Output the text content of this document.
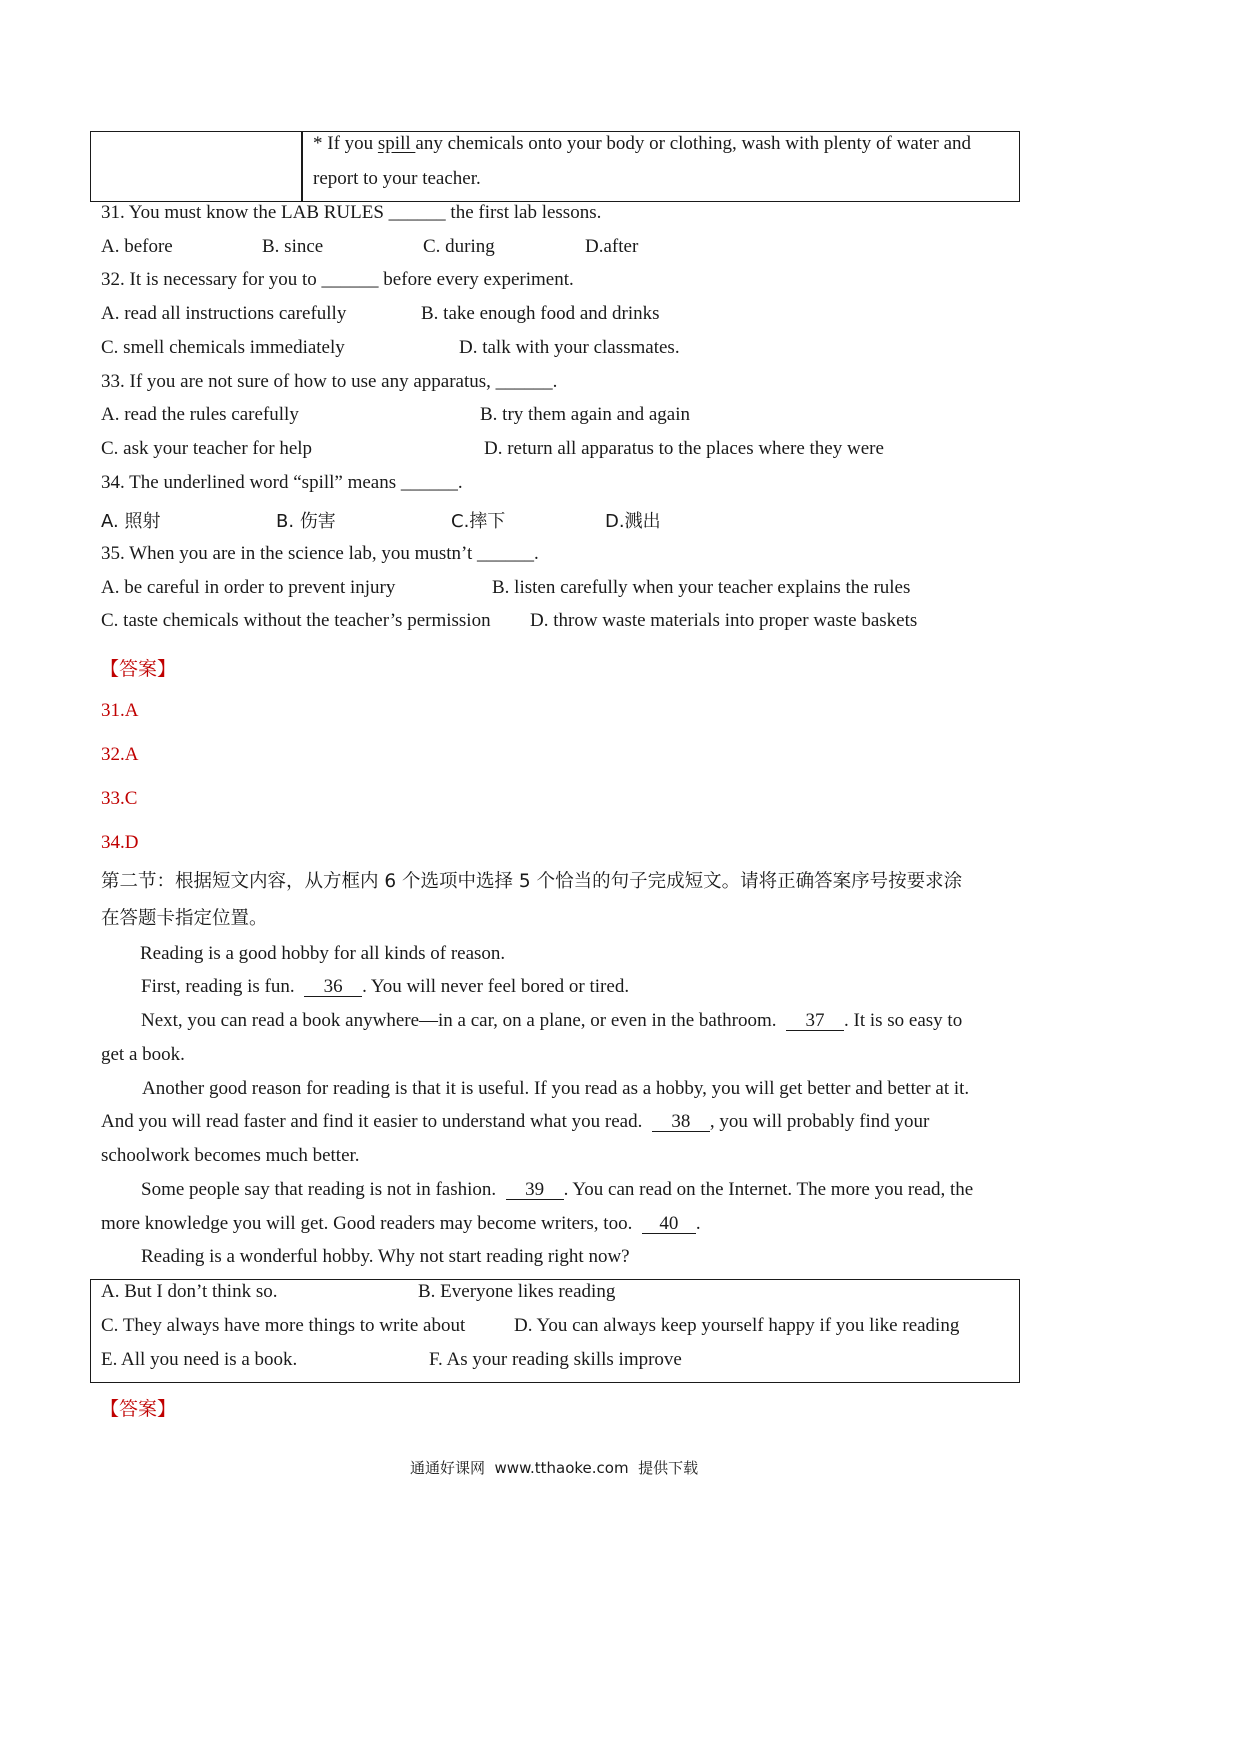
* If you spill any chemicals onto your body or clothing, wash with plenty of water and
report to your teacher.
31. You must know the LAB RULES ______ the first lab lessons.
A. before	B. since	C. during	D.after
32. It is necessary for you to ______ before every experiment.
A. read all instructions carefully	B. take enough food and drinks
C. smell chemicals immediately	D. talk with your classmates.
33. If you are not sure of how to use any apparatus, ______.
A. read the rules carefully	B. try them again and again
C. ask your teacher for help	D. return all apparatus to the places where they were
34. The underlined word “spill” means ______.
A. 照射	B. 伤害	C.摔下	D.溅出
35. When you are in the science lab, you mustn’t ______.
A. be careful in order to prevent injury	B. listen carefully when your teacher explains the rules
C. taste chemicals without the teacher’s permission D. throw waste materials into proper waste baskets
【答案】
31.A
32.A
33.C
34.D
第二节：根据短文内容，从方框内 6 个选项中选择 5 个恰当的句子完成短文。请将正确答案序号按要求涂
在答题卡指定位置。
Reading is a good hobby for all kinds of reason.
First, reading is fun. 36 . You will never feel bored or tired.
Next, you can read a book anywhere—in a car, on a plane, or even in the bathroom. 37 . It is so easy to
get a book.
Another good reason for reading is that it is useful. If you read as a hobby, you will get better and better at it.
And you will read faster and find it easier to understand what you read. 38 , you will probably find your
schoolwork becomes much better.
Some people say that reading is not in fashion. 39 . You can read on the Internet. The more you read, the
more knowledge you will get. Good readers may become writers, too. 40 .
Reading is a wonderful hobby. Why not start reading right now?
A. But I don’t think so.	B. Everyone likes reading
C. They always have more things to write about	D. You can always keep yourself happy if you like reading
E. All you need is a book.	F. As your reading skills improve
【答案】
通通好课网  www.tthaoke.com  提供下载
